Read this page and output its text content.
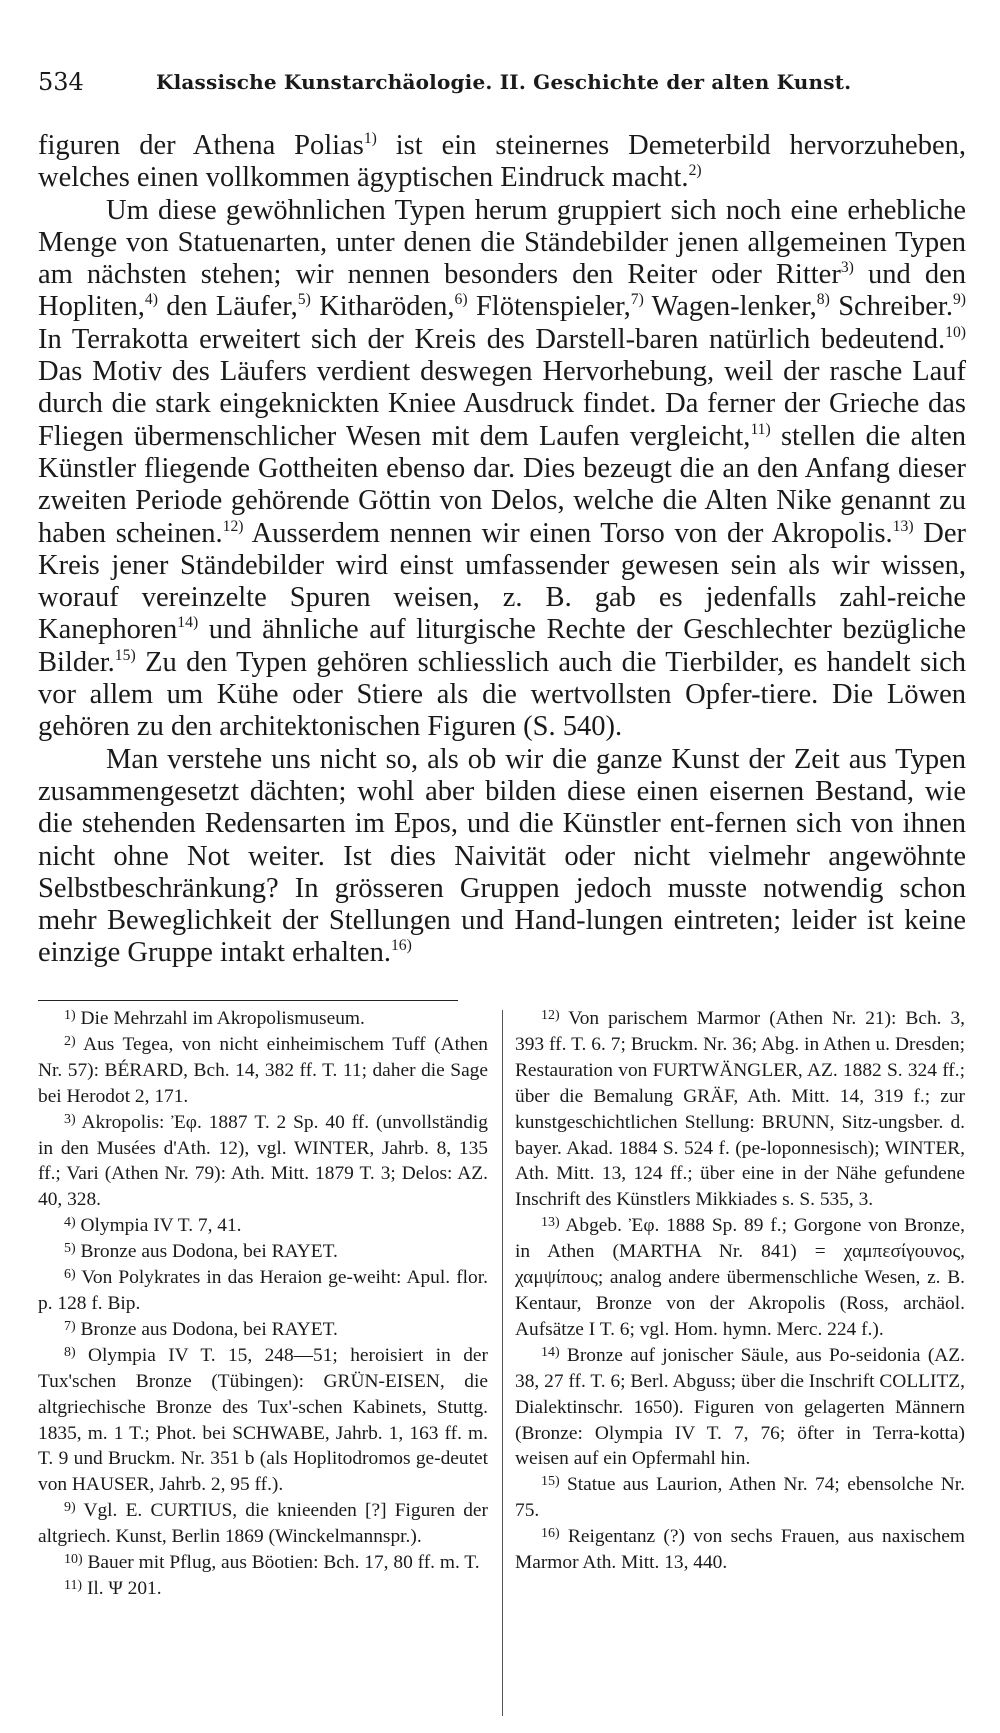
534	Klassische Kunstarchäologie. II. Geschichte der alten Kunst.

figuren der Athena Polias$^{1)}$ ist ein steinernes Demeterbild hervorzuheben, welches einen vollkommen ägyptischen Eindruck macht.$^{2)}$

Um diese gewöhnlichen Typen herum gruppiert sich noch eine erhebliche Menge von Statuenarten, unter denen die Ständebilder jenen allgemeinen Typen am nächsten stehen; wir nennen besonders den Reiter oder Ritter$^{3)}$ und den Hopliten,$^{4)}$ den Läufer,$^{5)}$ Kitharöden,$^{6)}$ Flötenspieler,$^{7)}$ Wagen-lenker,$^{8)}$ Schreiber.$^{9)}$ In Terrakotta erweitert sich der Kreis des Darstell-baren natürlich bedeutend.$^{10)}$ Das Motiv des Läufers verdient deswegen Hervorhebung, weil der rasche Lauf durch die stark eingeknickten Kniee Ausdruck findet. Da ferner der Grieche das Fliegen übermenschlicher Wesen mit dem Laufen vergleicht,$^{11)}$ stellen die alten Künstler fliegende Gottheiten ebenso dar. Dies bezeugt die an den Anfang dieser zweiten Periode gehörende Göttin von Delos, welche die Alten Nike genannt zu haben scheinen.$^{12)}$ Ausserdem nennen wir einen Torso von der Akropolis.$^{13)}$ Der Kreis jener Ständebilder wird einst umfassender gewesen sein als wir wissen, worauf vereinzelte Spuren weisen, z. B. gab es jedenfalls zahl-reiche Kanephoren$^{14)}$ und ähnliche auf liturgische Rechte der Geschlechter bezügliche Bilder.$^{15)}$ Zu den Typen gehören schliesslich auch die Tierbilder, es handelt sich vor allem um Kühe oder Stiere als die wertvollsten Opfer-tiere. Die Löwen gehören zu den architektonischen Figuren (S. 540).

Man verstehe uns nicht so, als ob wir die ganze Kunst der Zeit aus Typen zusammengesetzt dächten; wohl aber bilden diese einen eisernen Bestand, wie die stehenden Redensarten im Epos, und die Künstler ent-fernen sich von ihnen nicht ohne Not weiter. Ist dies Naivität oder nicht vielmehr angewöhnte Selbstbeschränkung? In grösseren Gruppen jedoch musste notwendig schon mehr Beweglichkeit der Stellungen und Hand-lungen eintreten; leider ist keine einzige Gruppe intakt erhalten.$^{16)}$

$^{1)}$ Die Mehrzahl im Akropolismuseum.

$^{2)}$ Aus Tegea, von nicht einheimischem Tuff (Athen Nr. 57): BÉRARD, Bch. 14, 382 ff. T. 11; daher die Sage bei Herodot 2, 171.

$^{3)}$ Akropolis: Ἐφ. 1887 T. 2 Sp. 40 ff. (unvollständig in den Musées d'Ath. 12), vgl. WINTER, Jahrb. 8, 135 ff.; Vari (Athen Nr. 79): Ath. Mitt. 1879 T. 3; Delos: AZ. 40, 328.

$^{4)}$ Olympia IV T. 7, 41.

$^{5)}$ Bronze aus Dodona, bei RAYET.

$^{6)}$ Von Polykrates in das Heraion ge-weiht: Apul. flor. p. 128 f. Bip.

$^{7)}$ Bronze aus Dodona, bei RAYET.

$^{8)}$ Olympia IV T. 15, 248—51; heroisiert in der Tux'schen Bronze (Tübingen): GRÜN-EISEN, die altgriechische Bronze des Tux'-schen Kabinets, Stuttg. 1835, m. 1 T.; Phot. bei SCHWABE, Jahrb. 1, 163 ff. m. T. 9 und Bruckm. Nr. 351 b (als Hoplitodromos ge-deutet von HAUSER, Jahrb. 2, 95 ff.).

$^{9)}$ Vgl. E. CURTIUS, die knieenden [?] Figuren der altgriech. Kunst, Berlin 1869 (Winckelmannspr.).

$^{10)}$ Bauer mit Pflug, aus Böotien: Bch. 17, 80 ff. m. T.

$^{11)}$ Il. Ψ 201.

$^{12)}$ Von parischem Marmor (Athen Nr. 21): Bch. 3, 393 ff. T. 6. 7; Bruckm. Nr. 36; Abg. in Athen u. Dresden; Restauration von FURTWÄNGLER, AZ. 1882 S. 324 ff.; über die Bemalung GRÄF, Ath. Mitt. 14, 319 f.; zur kunstgeschichtlichen Stellung: BRUNN, Sitz-ungsber. d. bayer. Akad. 1884 S. 524 f. (pe-loponnesisch); WINTER, Ath. Mitt. 13, 124 ff.; über eine in der Nähe gefundene Inschrift des Künstlers Mikkiades s. S. 535, 3.

$^{13)}$ Abgeb. Ἐφ. 1888 Sp. 89 f.; Gorgone von Bronze, in Athen (MARTHA Nr. 841) = χαμπεσίγουνος, χαμψίπους; analog andere übermenschliche Wesen, z. B. Kentaur, Bronze von der Akropolis (Ross, archäol. Aufsätze I T. 6; vgl. Hom. hymn. Merc. 224 f.).

$^{14)}$ Bronze auf jonischer Säule, aus Po-seidonia (AZ. 38, 27 ff. T. 6; Berl. Abguss; über die Inschrift COLLITZ, Dialektinschr. 1650). Figuren von gelagerten Männern (Bronze: Olympia IV T. 7, 76; öfter in Terra-kotta) weisen auf ein Opfermahl hin.

$^{15)}$ Statue aus Laurion, Athen Nr. 74; ebensolche Nr. 75.

$^{16)}$ Reigentanz (?) von sechs Frauen, aus naxischem Marmor Ath. Mitt. 13, 440.
